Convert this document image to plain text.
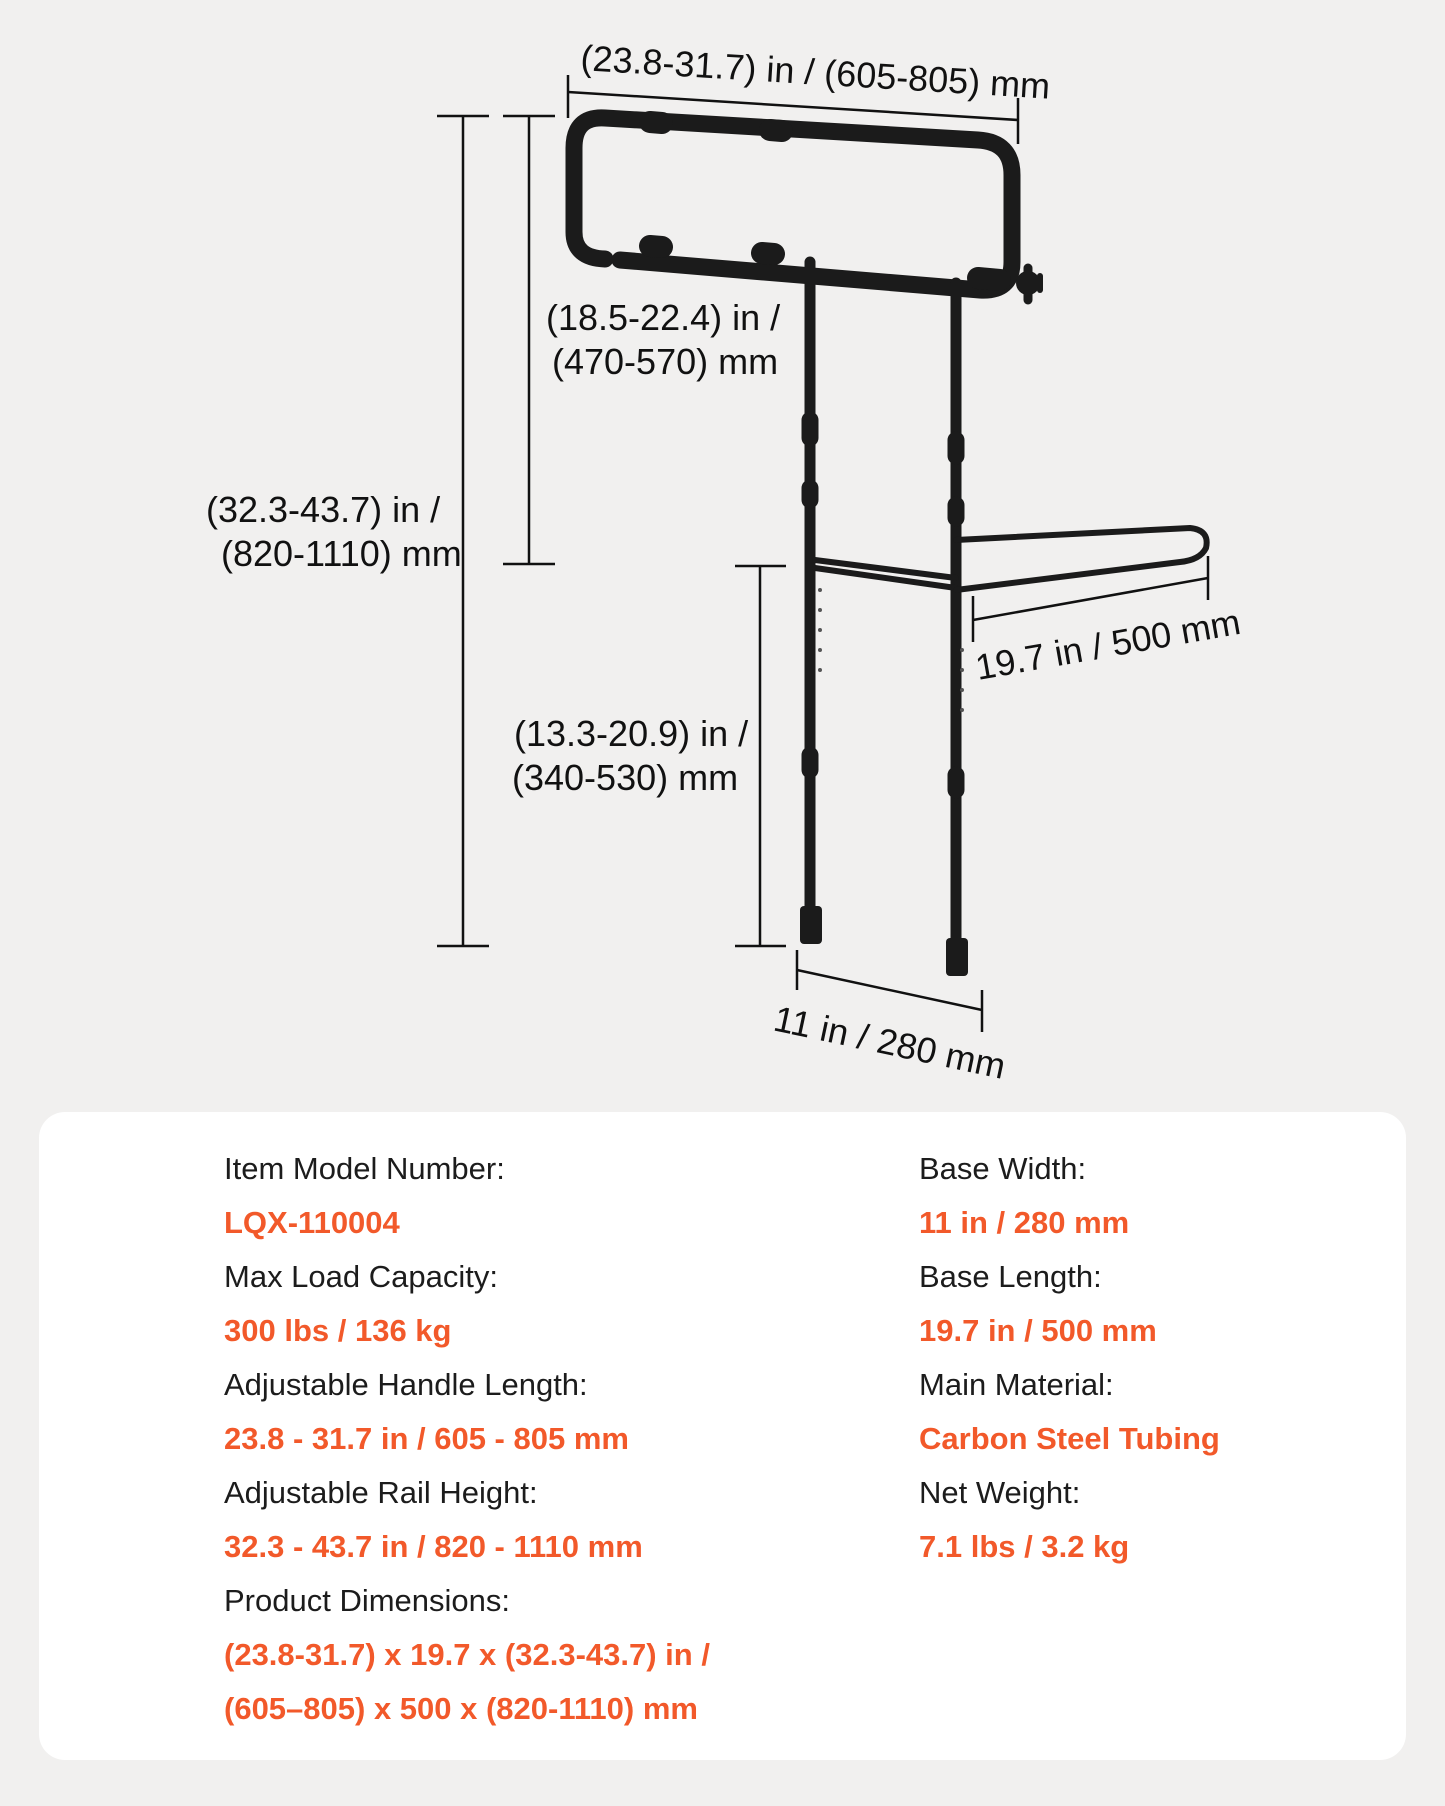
(23.8-31.7) in / (605-805) mm
(32.3-43.7) in /
(820-1110) mm
(18.5-22.4) in /
(470-570) mm
(13.3-20.9) in /
(340-530) mm
19.7 in / 500 mm
11 in / 280 mm
Item Model Number:
LQX-110004
Max Load Capacity:
300 lbs / 136 kg
Adjustable Handle Length:
23.8 - 31.7 in / 605 - 805 mm
Adjustable Rail Height:
32.3 - 43.7 in / 820 - 1110 mm
Product Dimensions:
(23.8-31.7) x 19.7 x (32.3-43.7) in /
(605–805) x 500 x (820-1110) mm
Base Width:
11 in / 280 mm
Base Length:
19.7 in / 500 mm
Main Material:
Carbon Steel Tubing
Net Weight:
7.1 lbs / 3.2 kg
